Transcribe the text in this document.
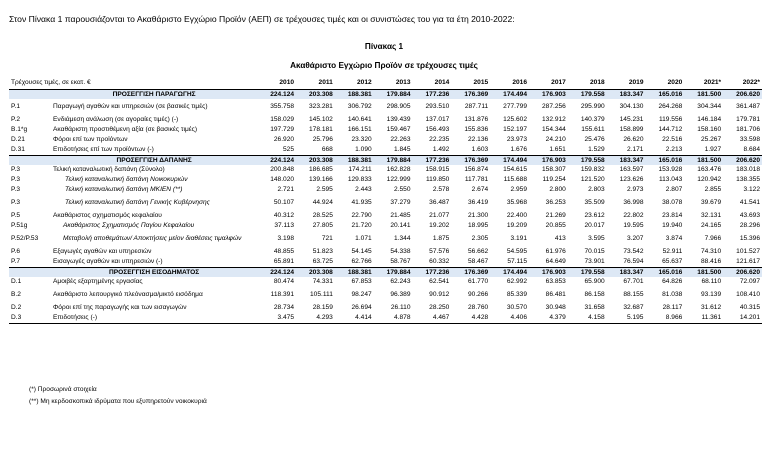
Στον Πίνακα 1 παρουσιάζονται το Ακαθάριστο Εγχώριο Προϊόν (ΑΕΠ) σε τρέχουσες τιμές και οι συνιστώσες του για τα έτη 2010-2022:
Πίνακας 1
Ακαθάριστο Εγχώριο Προϊόν σε τρέχουσες τιμές
Τρέχουσες τιμές, σε εκατ. €		2010	2011	2012	2013	2014	2015	2016	2017	2018	2019	2020	2021*	2022*
	ΠΡΟΣΕΓΓΙΣΗ ΠΑΡΑΓΩΓΗΣ	224.124	203.308	188.381	179.884	177.236	176.369	174.494	176.903	179.558	183.347	165.016	181.500	206.620
P.1	Παραγωγή αγαθών και υπηρεσιών (σε βασικές τιμές)	355.758	323.281	306.792	298.905	293.510	287.711	277.799	287.256	295.990	304.130	264.268	304.344	361.487
P.2	Ενδιάμεση ανάλωση (σε αγοραίες τιμές) (-)	158.029	145.102	140.641	139.439	137.017	131.876	125.602	132.912	140.379	145.231	119.556	146.184	179.781
B.1*g	Ακαθάριστη προστιθέμενη αξία (σε βασικές τιμές)	197.729	178.181	166.151	159.467	156.493	155.836	152.197	154.344	155.611	158.899	144.712	158.160	181.706
D.21	Φόροι επί των προϊόντων	26.920	25.796	23.320	22.263	22.235	22.136	23.973	24.210	25.476	26.620	22.516	25.267	33.598
D.31	Επιδοτήσεις επί των προϊόντων (-)	525	668	1.090	1.845	1.492	1.603	1.676	1.651	1.529	2.171	2.213	1.927	8.684
	ΠΡΟΣΕΓΓΙΣΗ ΔΑΠΑΝΗΣ	224.124	203.308	188.381	179.884	177.236	176.369	174.494	176.903	179.558	183.347	165.016	181.500	206.620
P.3	Τελική καταναλωτική δαπάνη (Σύνολο)	200.848	186.685	174.211	162.828	158.915	156.874	154.615	158.307	159.832	163.597	153.928	163.476	183.018
P.3	Τελική καταναλωτική δαπάνη Νοικοκυριών	148.020	139.166	129.833	122.999	119.850	117.781	115.688	119.254	121.520	123.626	113.043	120.942	138.355
P.3	Τελική καταναλωτική δαπάνη ΜΚΙΕΝ (**)	2.721	2.595	2.443	2.550	2.578	2.674	2.959	2.800	2.803	2.973	2.807	2.855	3.122
P.3	Τελική καταναλωτική δαπάνη Γενικής Κυβέρνησης	50.107	44.924	41.935	37.279	36.487	36.419	35.968	36.253	35.509	36.998	38.078	39.679	41.541
P.5	Ακαθάριστος σχηματισμός κεφαλαίου	40.312	28.525	22.790	21.485	21.077	21.300	22.400	21.269	23.612	22.802	23.814	32.131	43.693
P.51g	Ακαθάριστος Σχηματισμός Παγίου Κεφαλαίου	37.113	27.805	21.720	20.141	19.202	18.995	19.209	20.855	20.017	19.595	19.940	24.165	28.296
P.52/P.53	Μεταβολή αποθεμάτων/ Αποκτήσεις μείον διαθέσεις τιμαλφών	3.198	721	1.071	1.344	1.875	2.305	3.191	413	3.595	3.207	3.874	7.966	15.396
P.6	Εξαγωγές αγαθών και υπηρεσιών	48.855	51.823	54.145	54.338	57.576	56.662	54.595	61.976	70.015	73.542	52.911	74.310	101.527
P.7	Εισαγωγές αγαθών και υπηρεσιών (-)	65.891	63.725	62.766	58.767	60.332	58.467	57.115	64.649	73.901	76.594	65.637	88.416	121.617
	ΠΡΟΣΕΓΓΙΣΗ ΕΙΣΟΔΗΜΑΤΟΣ	224.124	203.308	188.381	179.884	177.236	176.369	174.494	176.903	179.558	183.347	165.016	181.500	206.620
D.1	Αμοιβές εξαρτημένης εργασίας	80.474	74.331	67.853	62.243	62.541	61.770	62.992	63.853	65.900	67.701	64.826	68.110	72.097
B.2	Ακαθάριστο λειτουργικό πλεόνασμα/μικτό εισόδημα	118.391	105.111	98.247	96.389	90.912	90.266	85.339	86.481	86.158	88.155	81.038	93.139	108.410
D.2	Φόροι επί της παραγωγής και των εισαγωγών	28.734	28.159	26.694	26.110	28.250	28.760	30.570	30.948	31.658	32.687	28.117	31.612	40.315
D.3	Επιδοτήσεις (-)	3.475	4.293	4.414	4.878	4.467	4.428	4.406	4.379	4.158	5.195	8.966	11.361	14.201
(*) Προσωρινά στοιχεία
(**) Μη κερδοσκοπικά ιδρύματα που εξυπηρετούν νοικοκυριά
